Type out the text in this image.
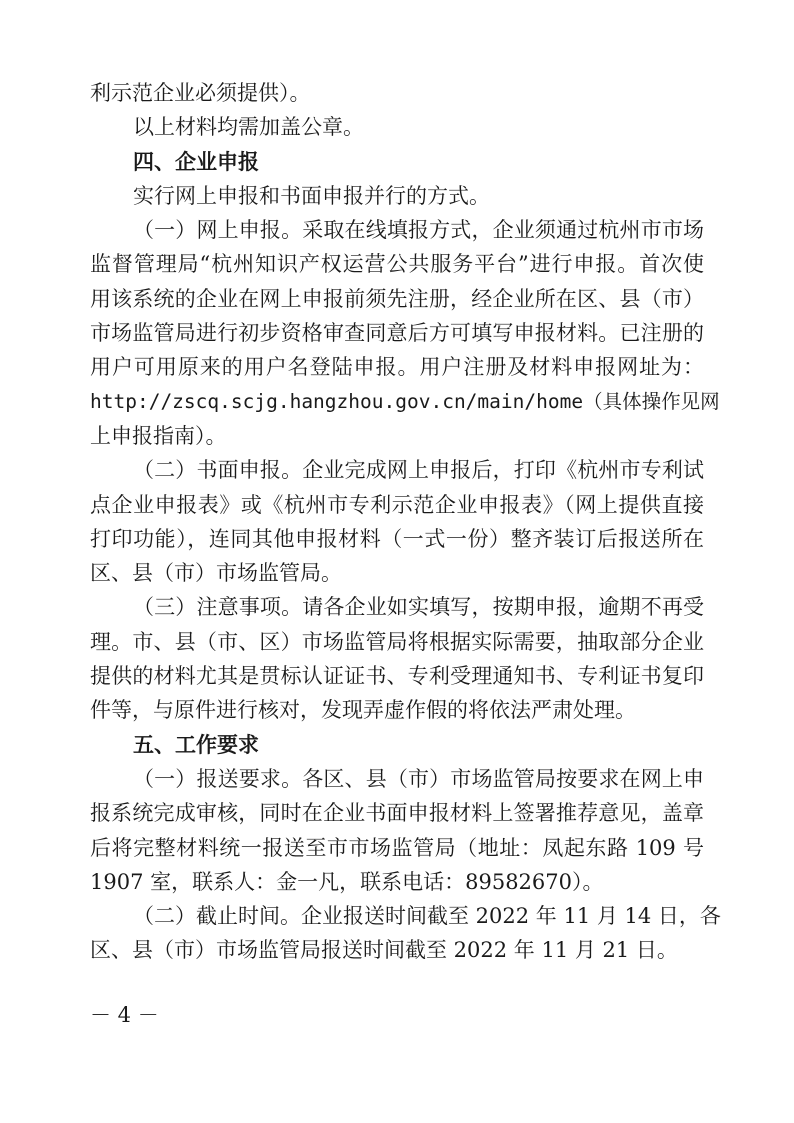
利示范企业必须提供）。
以上材料均需加盖公章。
四、企业申报
实行网上申报和书面申报并行的方式。
（一）网上申报。采取在线填报方式，企业须通过杭州市市场
监督管理局“杭州知识产权运营公共服务平台”进行申报。首次使
用该系统的企业在网上申报前须先注册，经企业所在区、县（市）
市场监管局进行初步资格审查同意后方可填写申报材料。已注册的
用户可用原来的用户名登陆申报。用户注册及材料申报网址为：
http://zscq.scjg.hangzhou.gov.cn/main/home（具体操作见网
上申报指南）。
（二）书面申报。企业完成网上申报后，打印《杭州市专利试
点企业申报表》或《杭州市专利示范企业申报表》（网上提供直接
打印功能），连同其他申报材料（一式一份）整齐装订后报送所在
区、县（市）市场监管局。
（三）注意事项。请各企业如实填写，按期申报，逾期不再受
理。市、县（市、区）市场监管局将根据实际需要，抽取部分企业
提供的材料尤其是贯标认证证书、专利受理通知书、专利证书复印
件等，与原件进行核对，发现弄虚作假的将依法严肃处理。
五、工作要求
（一）报送要求。各区、县（市）市场监管局按要求在网上申
报系统完成审核，同时在企业书面申报材料上签署推荐意见，盖章
后将完整材料统一报送至市市场监管局（地址：凤起东路 109 号
1907 室，联系人：金一凡，联系电话：89582670）。
（二）截止时间。企业报送时间截至 2022 年 11 月 14 日，各
区、县（市）市场监管局报送时间截至 2022 年 11 月 21 日。
－ 4 －
